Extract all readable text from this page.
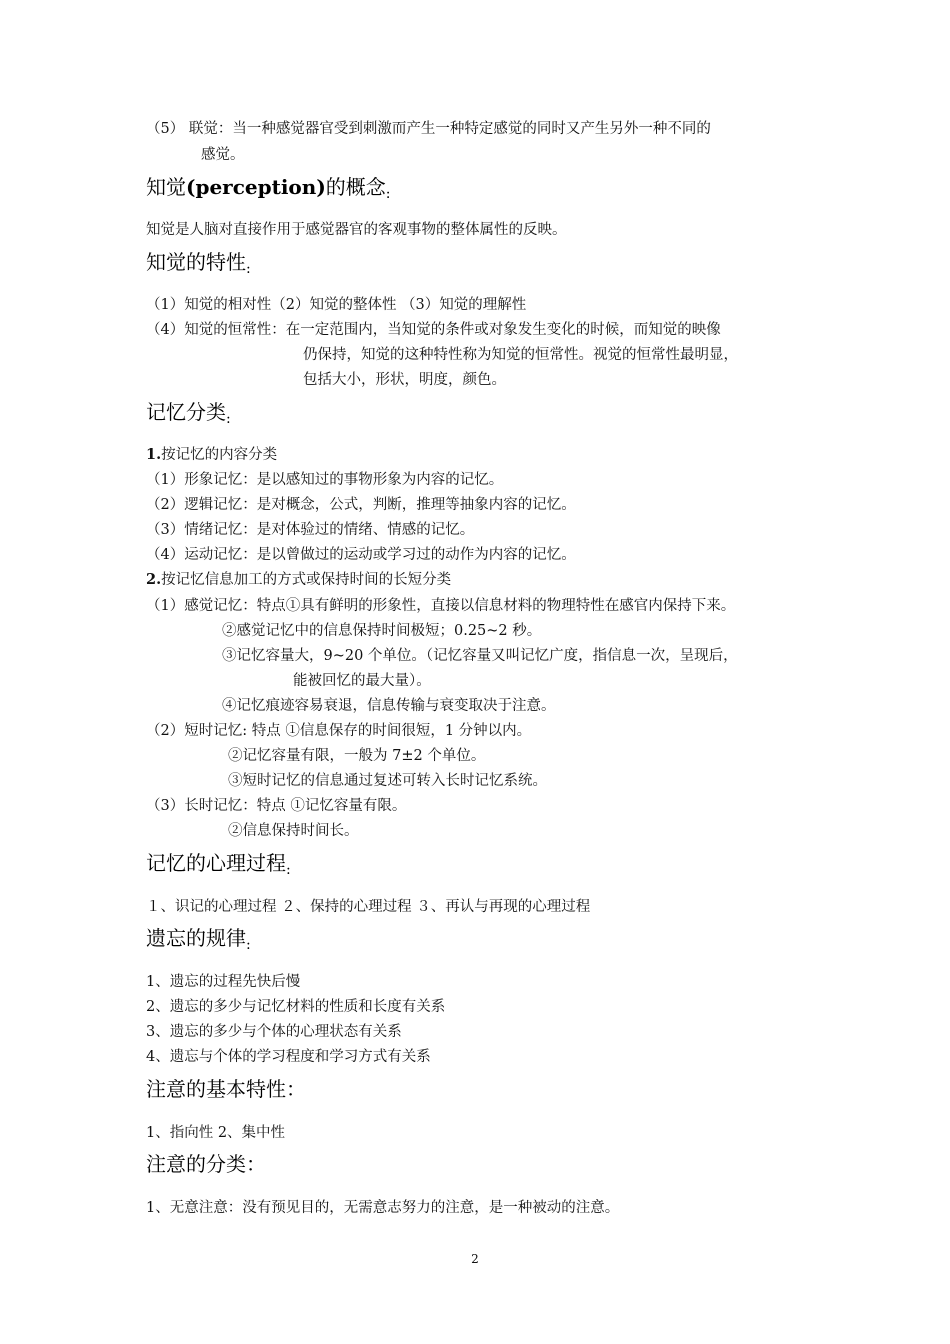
（5） 联觉：当一种感觉器官受到刺激而产生一种特定感觉的同时又产生另外一种不同的
感觉。
知觉(perception)的概念$_:$
知觉是人脑对直接作用于感觉器官的客观事物的整体属性的反映。
知觉的特性$_:$
（1）知觉的相对性（2）知觉的整体性 （3）知觉的理解性
（4）知觉的恒常性：在一定范围内，当知觉的条件或对象发生变化的时候，而知觉的映像
仍保持，知觉的这种特性称为知觉的恒常性。视觉的恒常性最明显，
包括大小，形状，明度，颜色。
记忆分类$_:$
1.按记忆的内容分类
（1）形象记忆：是以感知过的事物形象为内容的记忆。
（2）逻辑记忆：是对概念，公式，判断，推理等抽象内容的记忆。
（3）情绪记忆：是对体验过的情绪、情感的记忆。
（4）运动记忆：是以曾做过的运动或学习过的动作为内容的记忆。
2.按记忆信息加工的方式或保持时间的长短分类
（1）感觉记忆：特点①具有鲜明的形象性，直接以信息材料的物理特性在感官内保持下来。
②感觉记忆中的信息保持时间极短；0.25~2 秒。
③记忆容量大，9~20 个单位。（记忆容量又叫记忆广度，指信息一次，呈现后，
能被回忆的最大量）。
④记忆痕迹容易衰退，信息传输与衰变取决于注意。
（2）短时记忆: 特点 ①信息保存的时间很短，1 分钟以内。
②记忆容量有限，一般为 7±2 个单位。
③短时记忆的信息通过复述可转入长时记忆系统。
（3）长时记忆：特点 ①记忆容量有限。
②信息保持时间长。
记忆的心理过程$_:$
１、识记的心理过程 ２、保持的心理过程 ３、再认与再现的心理过程
遗忘的规律$_:$
1、遗忘的过程先快后慢
2、遗忘的多少与记忆材料的性质和长度有关系
3、遗忘的多少与个体的心理状态有关系
4、遗忘与个体的学习程度和学习方式有关系
注意的基本特性：
1、指向性 2、集中性
注意的分类：
1、无意注意：没有预见目的，无需意志努力的注意，是一种被动的注意。
2
